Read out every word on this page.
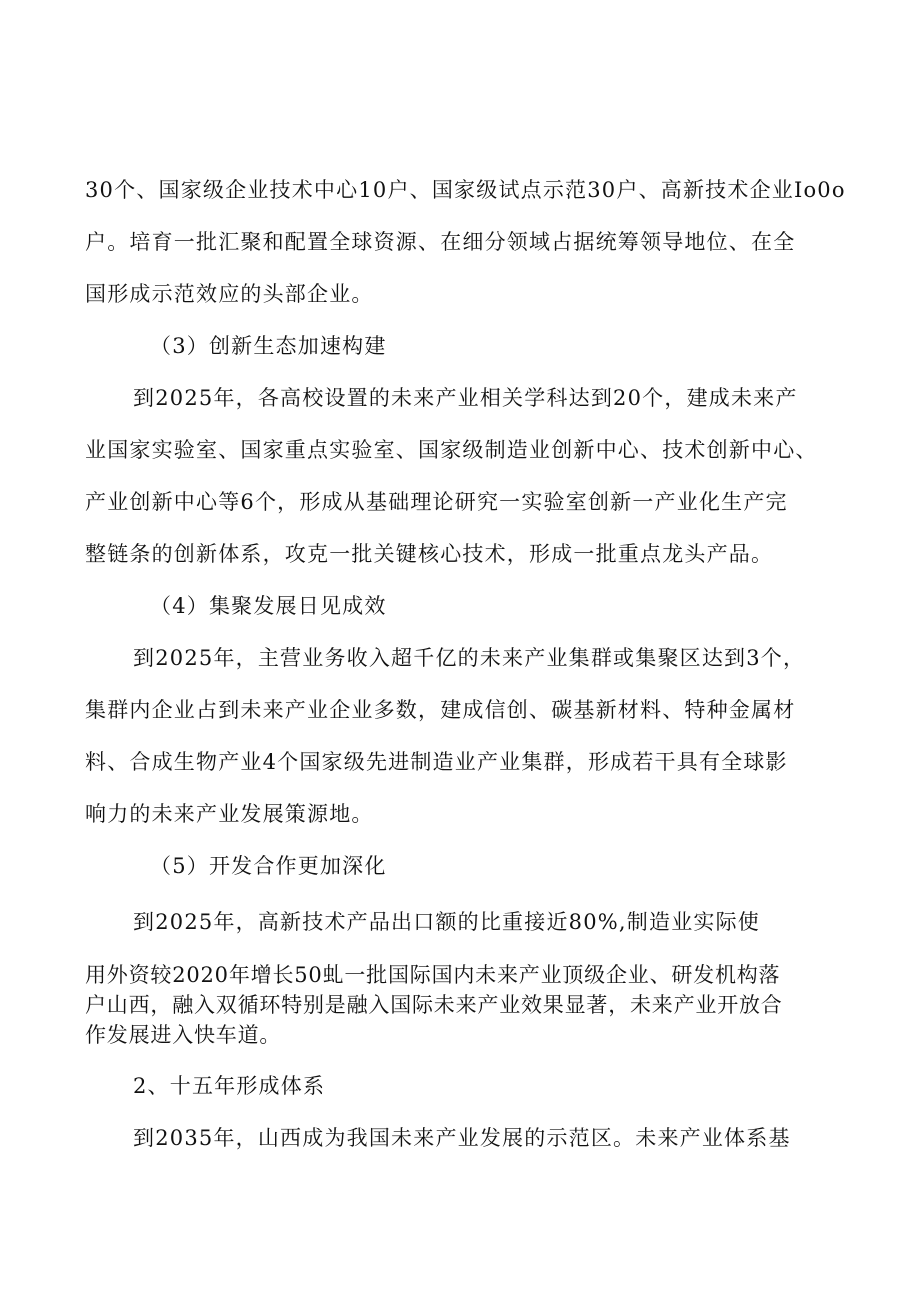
30个、国家级企业技术中心10户、国家级试点示范30户、高新技术企业Io0o
户。培育一批汇聚和配置全球资源、在细分领域占据统筹领导地位、在全
国形成示范效应的头部企业。
（3）创新生态加速构建
到2025年，各高校设置的未来产业相关学科达到20个，建成未来产
业国家实验室、国家重点实验室、国家级制造业创新中心、技术创新中心、
产业创新中心等6个，形成从基础理论研究一实验室创新一产业化生产完
整链条的创新体系，攻克一批关键核心技术，形成一批重点龙头产品。
（4）集聚发展日见成效
到2025年，主营业务收入超千亿的未来产业集群或集聚区达到3个，
集群内企业占到未来产业企业多数，建成信创、碳基新材料、特种金属材
料、合成生物产业4个国家级先进制造业产业集群，形成若干具有全球影
响力的未来产业发展策源地。
（5）开发合作更加深化
到2025年，高新技术产品出口额的比重接近80%,制造业实际使
用外资较2020年增长50虬一批国际国内未来产业顶级企业、研发机构落
户山西，融入双循环特别是融入国际未来产业效果显著，未来产业开放合
作发展进入快车道。
2、十五年形成体系
到2035年，山西成为我国未来产业发展的示范区。未来产业体系基
